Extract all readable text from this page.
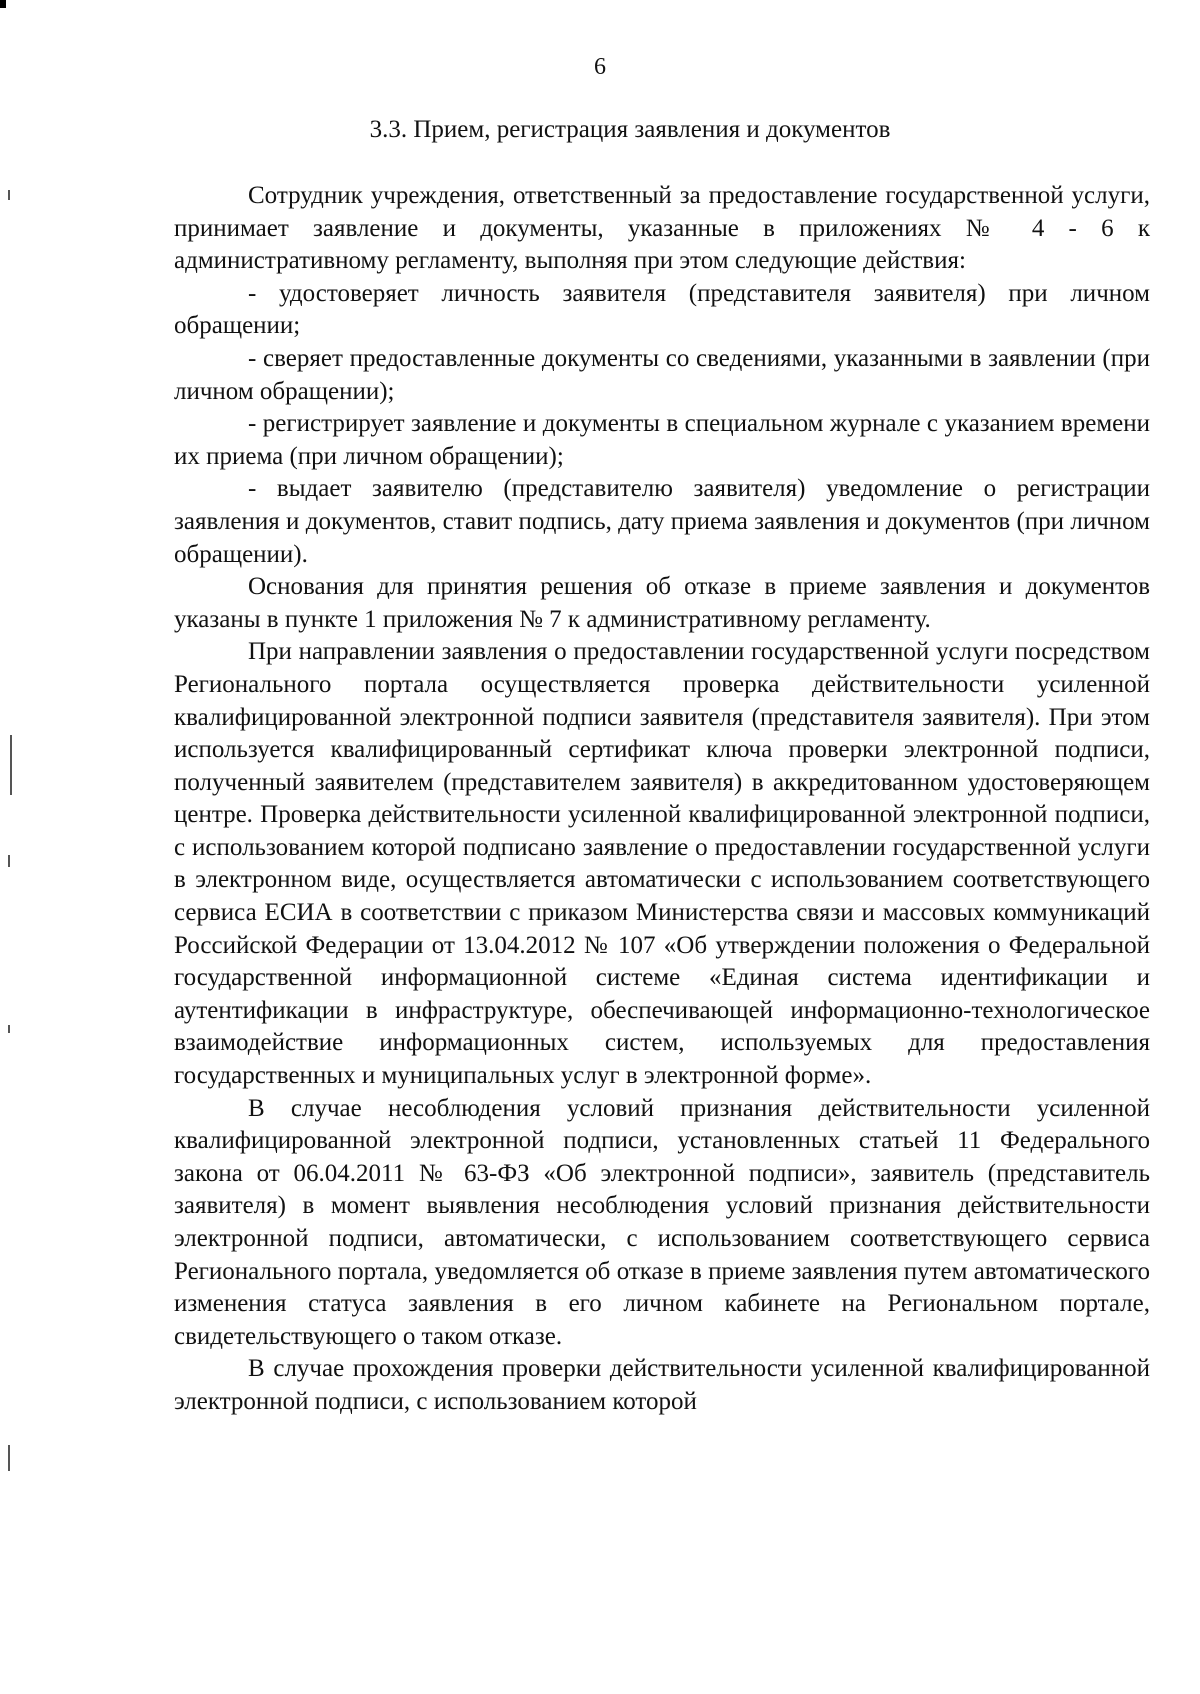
6
3.3. Прием, регистрация заявления и документов

Сотрудник учреждения, ответственный за предоставление государственной услуги, принимает заявление и документы, указанные в приложениях № 4 - 6 к административному регламенту, выполняя при этом следующие действия:

- удостоверяет личность заявителя (представителя заявителя) при личном обращении;

- сверяет предоставленные документы со сведениями, указанными в заявлении (при личном обращении);

- регистрирует заявление и документы в специальном журнале с указанием времени их приема (при личном обращении);

- выдает заявителю (представителю заявителя) уведомление о регистрации заявления и документов, ставит подпись, дату приема заявления и документов (при личном обращении).

Основания для принятия решения об отказе в приеме заявления и документов указаны в пункте 1 приложения № 7 к административному регламенту.

При направлении заявления о предоставлении государственной услуги посредством Регионального портала осуществляется проверка действительности усиленной квалифицированной электронной подписи заявителя (представителя заявителя). При этом используется квалифицированный сертификат ключа проверки электронной подписи, полученный заявителем (представителем заявителя) в аккредитованном удостоверяющем центре. Проверка действительности усиленной квалифицированной электронной подписи, с использованием которой подписано заявление о предоставлении государственной услуги в электронном виде, осуществляется автоматически с использованием соответствующего сервиса ЕСИА в соответствии с приказом Министерства связи и массовых коммуникаций Российской Федерации от 13.04.2012 № 107 «Об утверждении положения о Федеральной государственной информационной системе «Единая система идентификации и аутентификации в инфраструктуре, обеспечивающей информационно-технологическое взаимодействие информационных систем, используемых для предоставления государственных и муниципальных услуг в электронной форме».

В случае несоблюдения условий признания действительности усиленной квалифицированной электронной подписи, установленных статьей 11 Федерального закона от 06.04.2011 № 63-ФЗ «Об электронной подписи», заявитель (представитель заявителя) в момент выявления несоблюдения условий признания действительности электронной подписи, автоматически, с использованием соответствующего сервиса Регионального портала, уведомляется об отказе в приеме заявления путем автоматического изменения статуса заявления в его личном кабинете на Региональном портале, свидетельствующего о таком отказе.

В случае прохождения проверки действительности усиленной квалифицированной электронной подписи, с использованием которой
